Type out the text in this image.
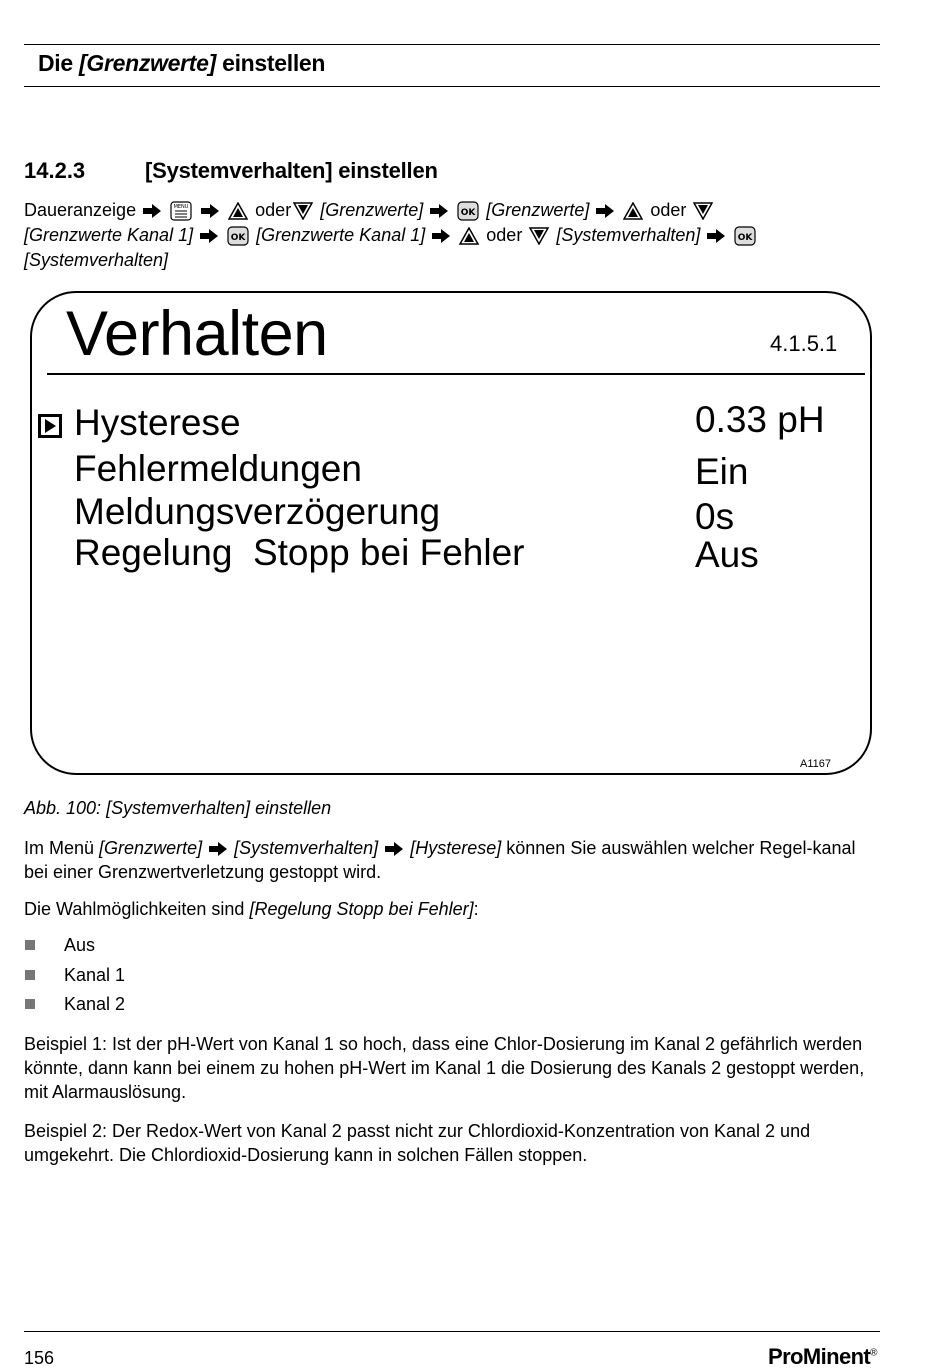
Die [Grenzwerte] einstellen
14.2.3	[Systemverhalten] einstellen
Daueranzeige	MENU	oder [Grenzwerte]	OK [Grenzwerte]	oder
[Grenzwerte Kanal 1]	OK [Grenzwerte Kanal 1]	oder [Systemverhalten]	OK

[Systemverhalten]
Verhalten	4.1.5.1
Hysterese	0.33 pH
Fehlermeldungen	Ein
Meldungsverzögerung	0s
Regelung  Stopp bei Fehler	Aus
A1167
Abb. 100: [Systemverhalten] einstellen
Im Menü [Grenzwerte] [Systemverhalten] [Hysterese] können Sie auswählen welcher Regel-kanal bei einer Grenzwertverletzung gestoppt wird.
Die Wahlmöglichkeiten sind [Regelung Stopp bei Fehler]:
Aus
Kanal 1
Kanal 2
Beispiel 1: Ist der pH-Wert von Kanal 1 so hoch, dass eine Chlor-Dosierung im Kanal 2 gefährlich werden könnte, dann kann bei einem zu hohen pH-Wert im Kanal 1 die Dosierung des Kanals 2 gestoppt werden, mit Alarmauslösung.
Beispiel 2: Der Redox-Wert von Kanal 2 passt nicht zur Chlordioxid-Konzentration von Kanal 2 und umgekehrt. Die Chlordioxid-Dosierung kann in solchen Fällen stoppen.
156	ProMinent®
